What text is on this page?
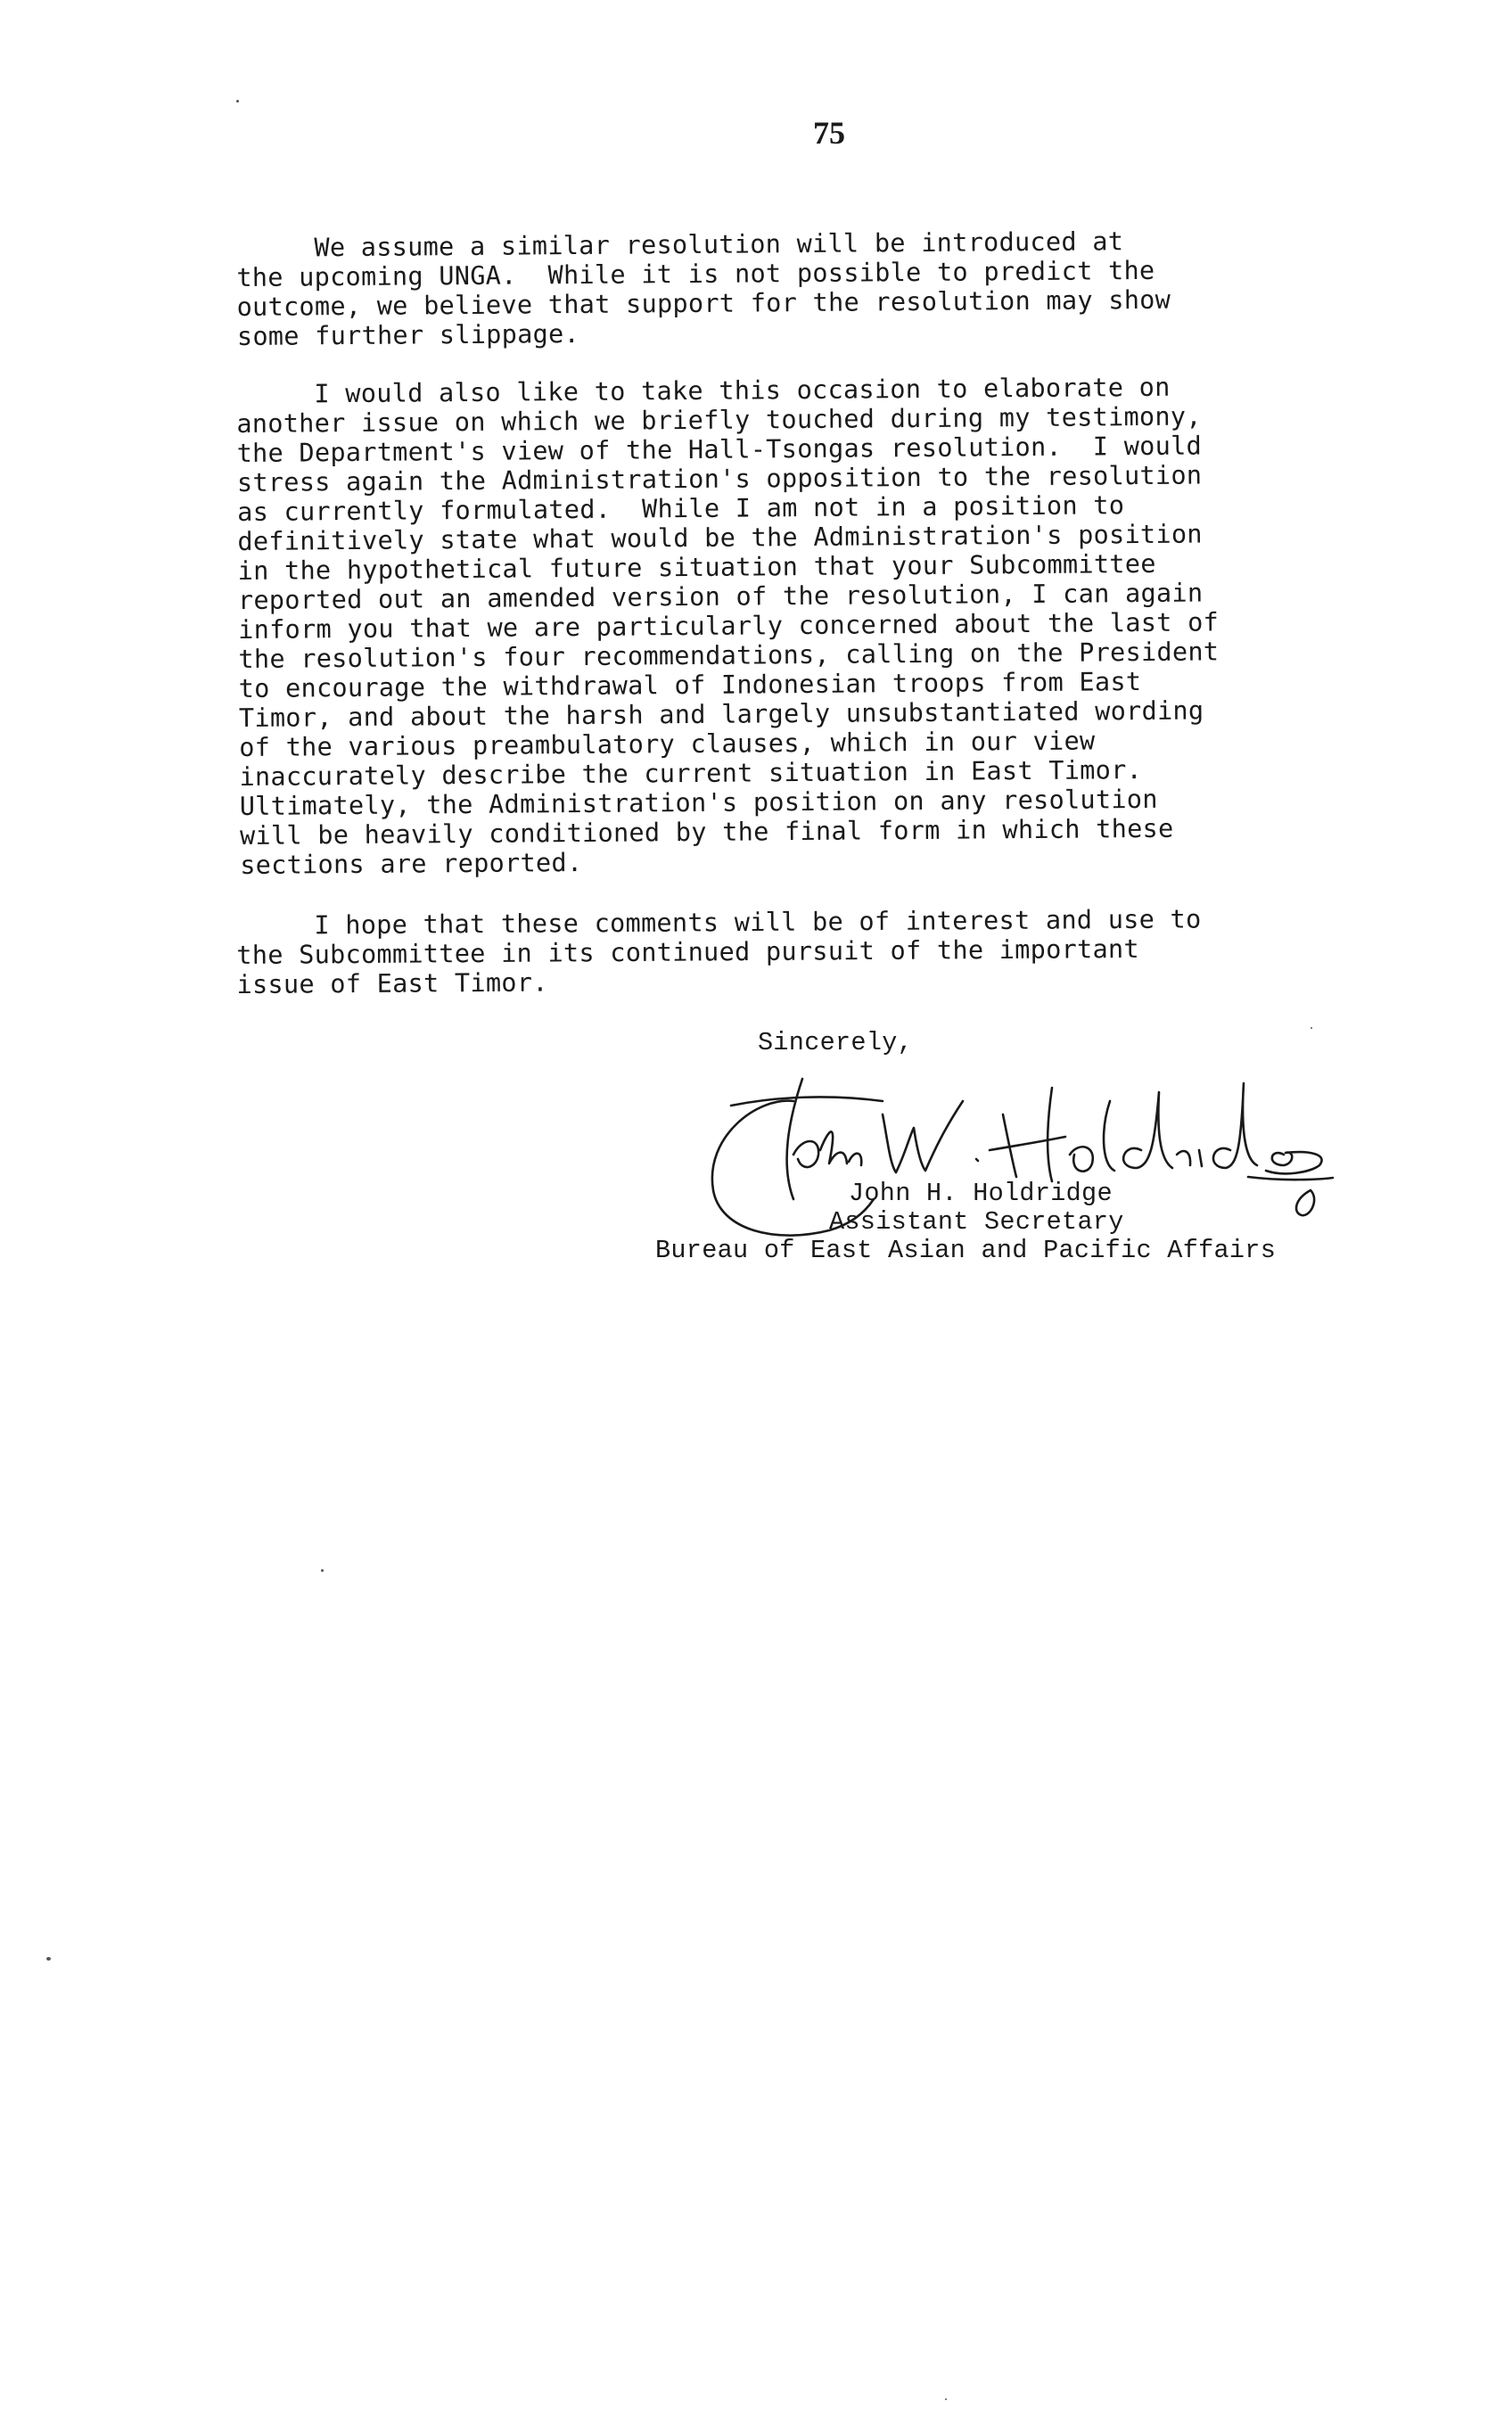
75
We assume a similar resolution will be introduced at
the upcoming UNGA.  While it is not possible to predict the
outcome, we believe that support for the resolution may show
some further slippage.
I would also like to take this occasion to elaborate on
another issue on which we briefly touched during my testimony,
the Department's view of the Hall-Tsongas resolution.  I would
stress again the Administration's opposition to the resolution
as currently formulated.  While I am not in a position to
definitively state what would be the Administration's position
in the hypothetical future situation that your Subcommittee
reported out an amended version of the resolution, I can again
inform you that we are particularly concerned about the last of
the resolution's four recommendations, calling on the President
to encourage the withdrawal of Indonesian troops from East
Timor, and about the harsh and largely unsubstantiated wording
of the various preambulatory clauses, which in our view
inaccurately describe the current situation in East Timor.
Ultimately, the Administration's position on any resolution
will be heavily conditioned by the final form in which these
sections are reported.
I hope that these comments will be of interest and use to
the Subcommittee in its continued pursuit of the important
issue of East Timor.
Sincerely,
John H. Holdridge
Assistant Secretary
Bureau of East Asian and Pacific Affairs
